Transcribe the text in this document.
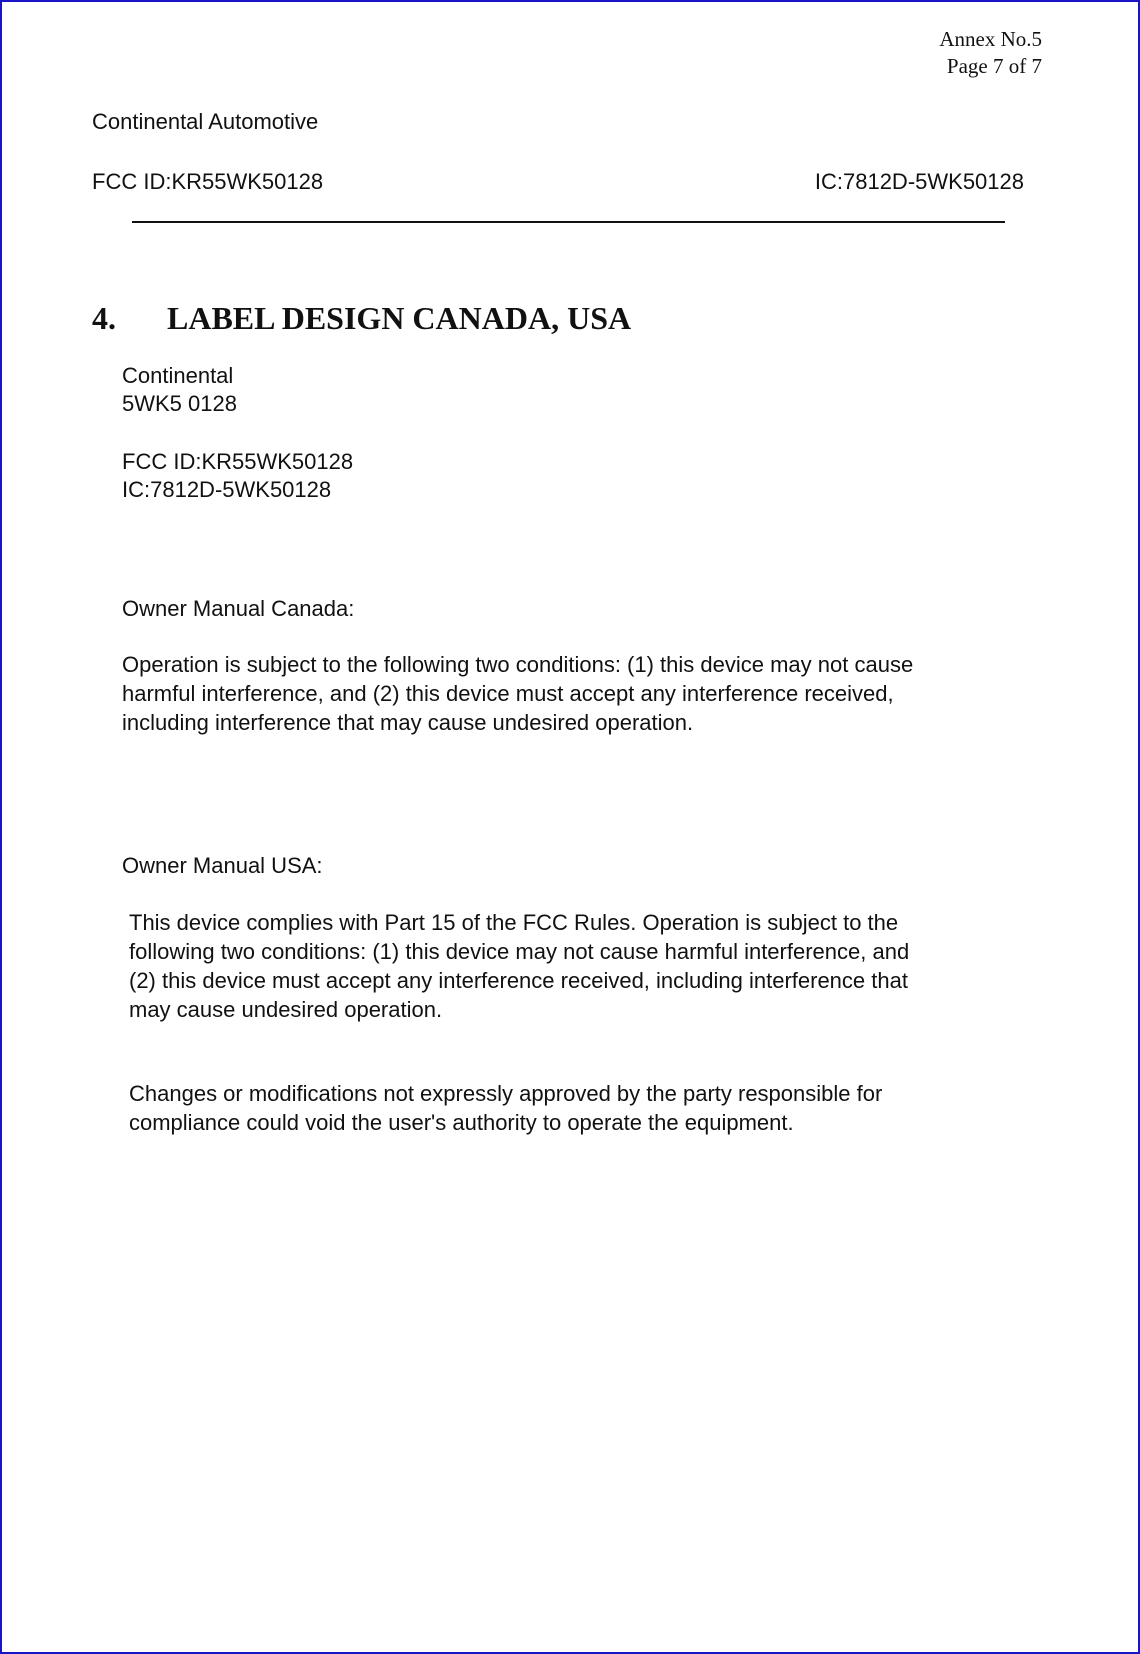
Annex No.5
Page 7 of 7
Continental Automotive
FCC ID:KR55WK50128	IC:7812D-5WK50128
4.	LABEL DESIGN CANADA, USA
Continental
5WK5 0128
FCC ID:KR55WK50128
IC:7812D-5WK50128
Owner Manual Canada:
Operation is subject to the following two conditions: (1) this device may not cause
harmful interference, and (2) this device must accept any interference received,
including interference that may cause undesired operation.
Owner Manual USA:
This device complies with Part 15 of the FCC Rules. Operation is subject to the
following two conditions: (1) this device may not cause harmful interference, and
(2) this device must accept any interference received, including interference that
may cause undesired operation.
Changes or modifications not expressly approved by the party responsible for
compliance could void the user's authority to operate the equipment.
